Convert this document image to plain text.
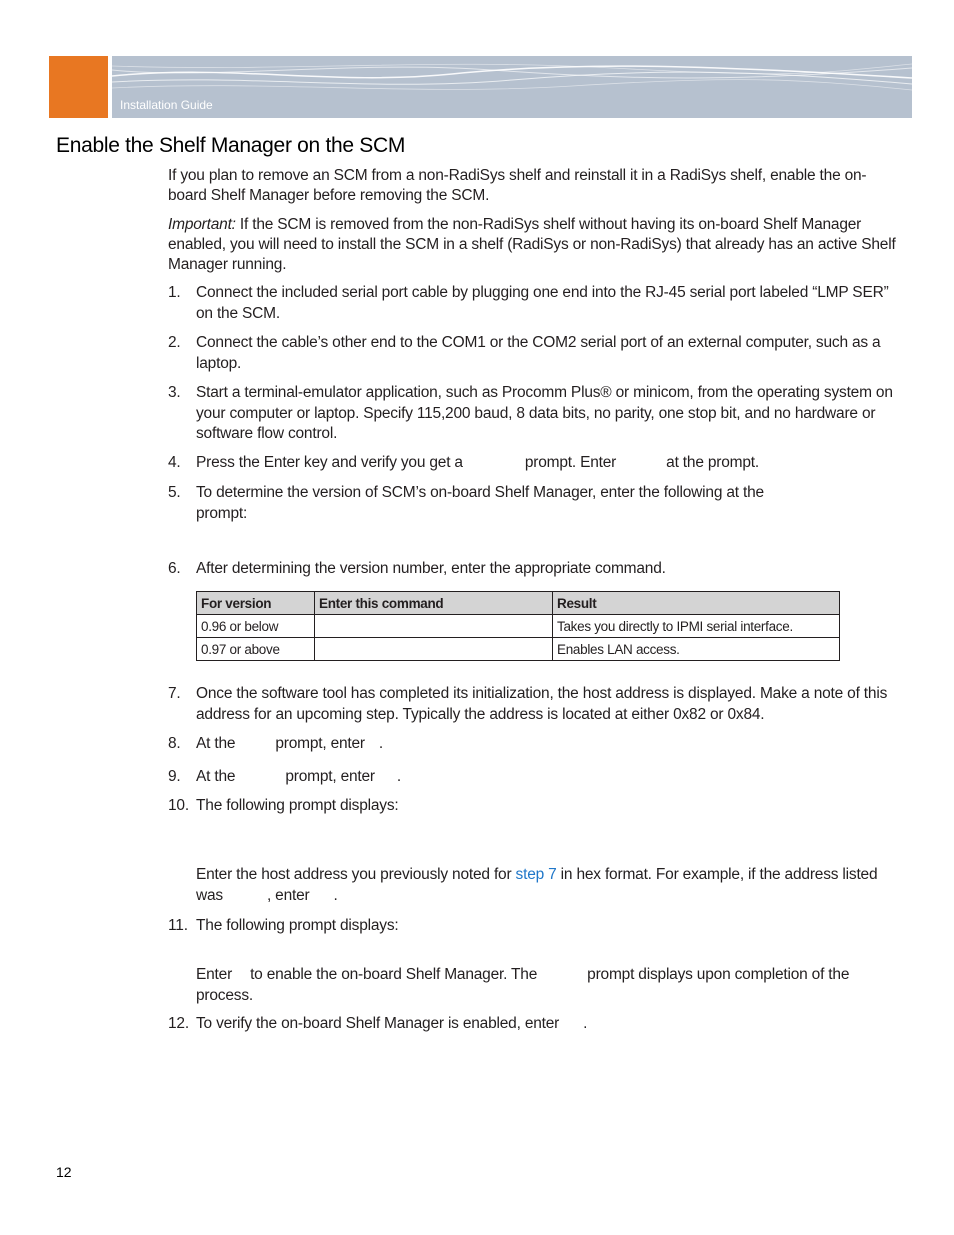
Installation Guide
Enable the Shelf Manager on the SCM

If you plan to remove an SCM from a non-RadiSys shelf and reinstall it in a RadiSys shelf, enable the on-board Shelf Manager before removing the SCM.

Important: If the SCM is removed from the non-RadiSys shelf without having its on-board Shelf Manager enabled, you will need to install the SCM in a shelf (RadiSys or non-RadiSys) that already has an active Shelf Manager running.

1. Connect the included serial port cable by plugging one end into the RJ-45 serial port labeled “LMP SER” on the SCM.
2. Connect the cable’s other end to the COM1 or the COM2 serial port of an external computer, such as a laptop.
3. Start a terminal-emulator application, such as Procomm Plus® or minicom, from the operating system on your computer or laptop. Specify 115,200 baud, 8 data bits, no parity, one stop bit, and no hardware or software flow control.
4. Press the Enter key and verify you get a	prompt. Enter	at the prompt.
5. To determine the version of SCM’s on-board Shelf Manager, enter the following at the prompt:
6. After determining the version number, enter the appropriate command.
For version	Enter this command	Result
0.96 or below		Takes you directly to IPMI serial interface.
0.97 or above		Enables LAN access.
7. Once the software tool has completed its initialization, the host address is displayed. Make a note of this address for an upcoming step. Typically the address is located at either 0x82 or 0x84.
8. At the	prompt, enter .
9. At the	prompt, enter .
10. The following prompt displays:
Enter the host address you previously noted for step 7 in hex format. For example, if the address listed was	, enter .
11. The following prompt displays:
Enter to enable the on-board Shelf Manager. The	prompt displays upon completion of the process.
12. To verify the on-board Shelf Manager is enabled, enter .
12
